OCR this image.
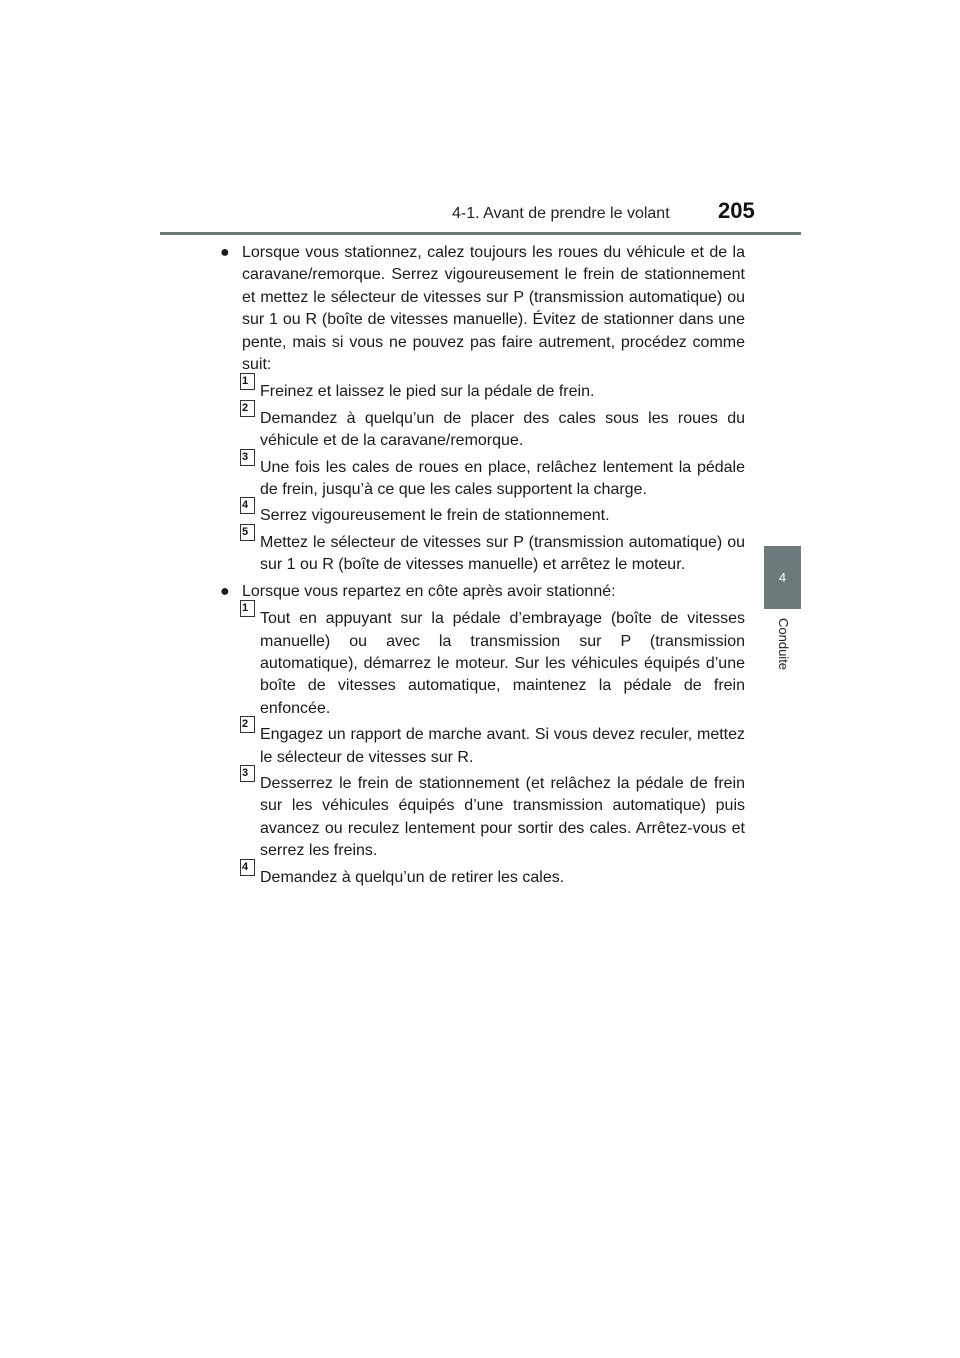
4-1. Avant de prendre le volant 205
4
Conduite
● Lorsque vous stationnez, calez toujours les roues du véhicule et de la caravane/remorque. Serrez vigoureusement le frein de stationnement et mettez le sélecteur de vitesses sur P (transmission automatique) ou sur 1 ou R (boîte de vitesses manuelle). Évitez de stationner dans une pente, mais si vous ne pouvez pas faire autrement, procédez comme suit:
1
Freinez et laissez le pied sur la pédale de frein.
2
Demandez à quelqu’un de placer des cales sous les roues du véhicule et de la caravane/remorque.
3
Une fois les cales de roues en place, relâchez lentement la pédale de frein, jusqu’à ce que les cales supportent la charge.
4
Serrez vigoureusement le frein de stationnement.
5
Mettez le sélecteur de vitesses sur P (transmission automatique) ou sur 1 ou R (boîte de vitesses manuelle) et arrêtez le moteur.
● Lorsque vous repartez en côte après avoir stationné:
1
Tout en appuyant sur la pédale d’embrayage (boîte de vitesses manuelle) ou avec la transmission sur P (transmission automatique), démarrez le moteur. Sur les véhicules équipés d’une boîte de vitesses automatique, maintenez la pédale de frein enfoncée.
2
Engagez un rapport de marche avant. Si vous devez reculer, mettez le sélecteur de vitesses sur R.
3
Desserrez le frein de stationnement (et relâchez la pédale de frein sur les véhicules équipés d’une transmission automatique) puis avancez ou reculez lentement pour sortir des cales. Arrêtez-vous et serrez les freins.
4
Demandez à quelqu’un de retirer les cales.
